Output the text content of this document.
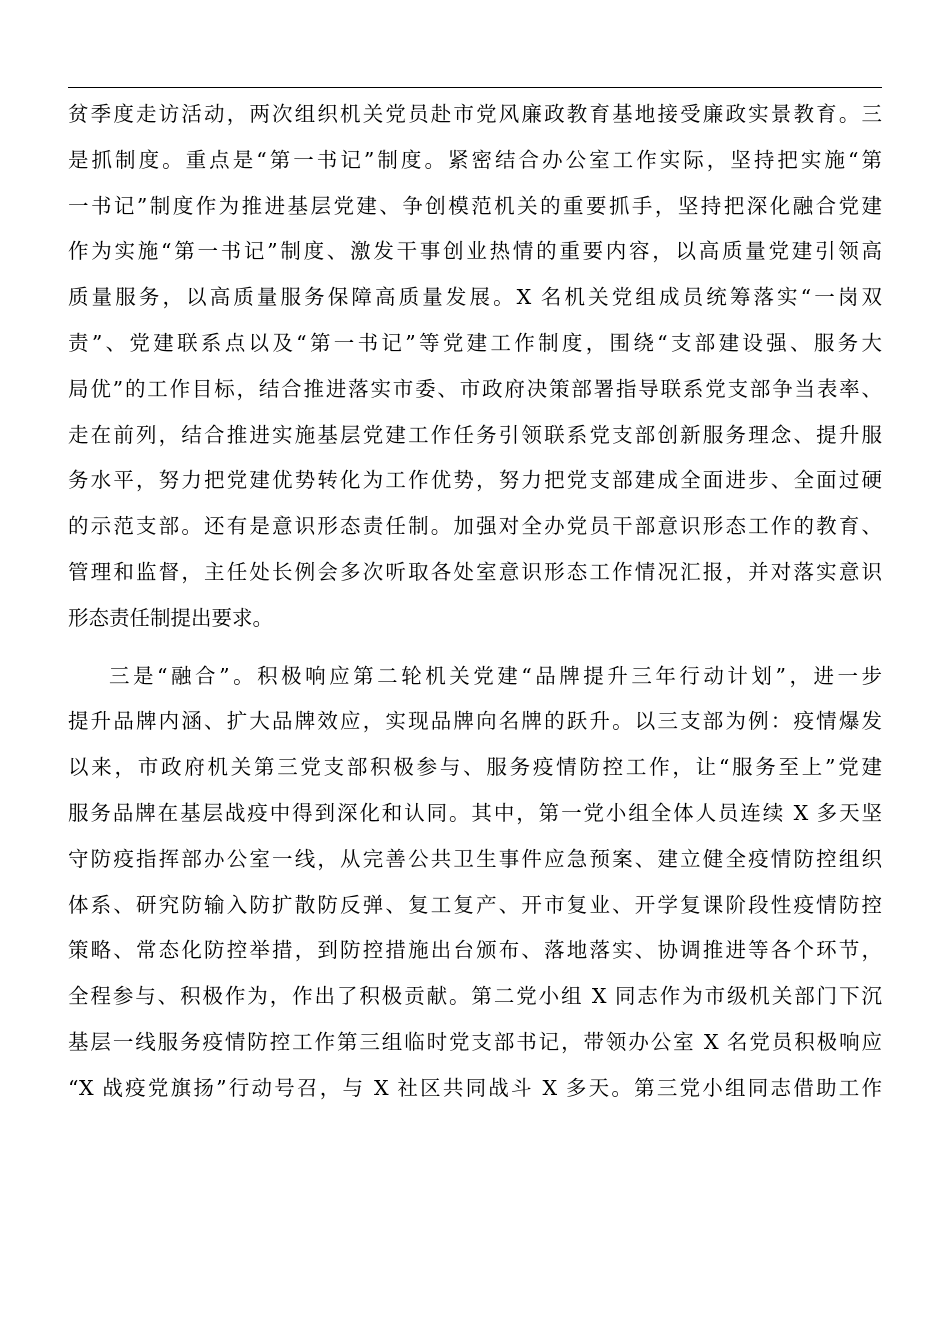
贫季度走访活动，两次组织机关党员赴市党风廉政教育基地接受廉政实景教育。三
是抓制度。重点是“第一书记”制度。紧密结合办公室工作实际，坚持把实施“第
一书记”制度作为推进基层党建、争创模范机关的重要抓手，坚持把深化融合党建
作为实施“第一书记”制度、激发干事创业热情的重要内容，以高质量党建引领高
质量服务，以高质量服务保障高质量发展。X 名机关党组成员统筹落实“一岗双
责”、党建联系点以及“第一书记”等党建工作制度，围绕“支部建设强、服务大
局优”的工作目标，结合推进落实市委、市政府决策部署指导联系党支部争当表率、
走在前列，结合推进实施基层党建工作任务引领联系党支部创新服务理念、提升服
务水平，努力把党建优势转化为工作优势，努力把党支部建成全面进步、全面过硬
的示范支部。还有是意识形态责任制。加强对全办党员干部意识形态工作的教育、
管理和监督，主任处长例会多次听取各处室意识形态工作情况汇报，并对落实意识
形态责任制提出要求。
三是“融合”。积极响应第二轮机关党建“品牌提升三年行动计划”，进一步
提升品牌内涵、扩大品牌效应，实现品牌向名牌的跃升。以三支部为例：疫情爆发
以来，市政府机关第三党支部积极参与、服务疫情防控工作，让“服务至上”党建
服务品牌在基层战疫中得到深化和认同。其中，第一党小组全体人员连续 X 多天坚
守防疫指挥部办公室一线，从完善公共卫生事件应急预案、建立健全疫情防控组织
体系、研究防输入防扩散防反弹、复工复产、开市复业、开学复课阶段性疫情防控
策略、常态化防控举措，到防控措施出台颁布、落地落实、协调推进等各个环节，
全程参与、积极作为，作出了积极贡献。第二党小组 X 同志作为市级机关部门下沉
基层一线服务疫情防控工作第三组临时党支部书记，带领办公室 X 名党员积极响应
“X 战疫党旗扬”行动号召，与 X 社区共同战斗 X 多天。第三党小组同志借助工作
